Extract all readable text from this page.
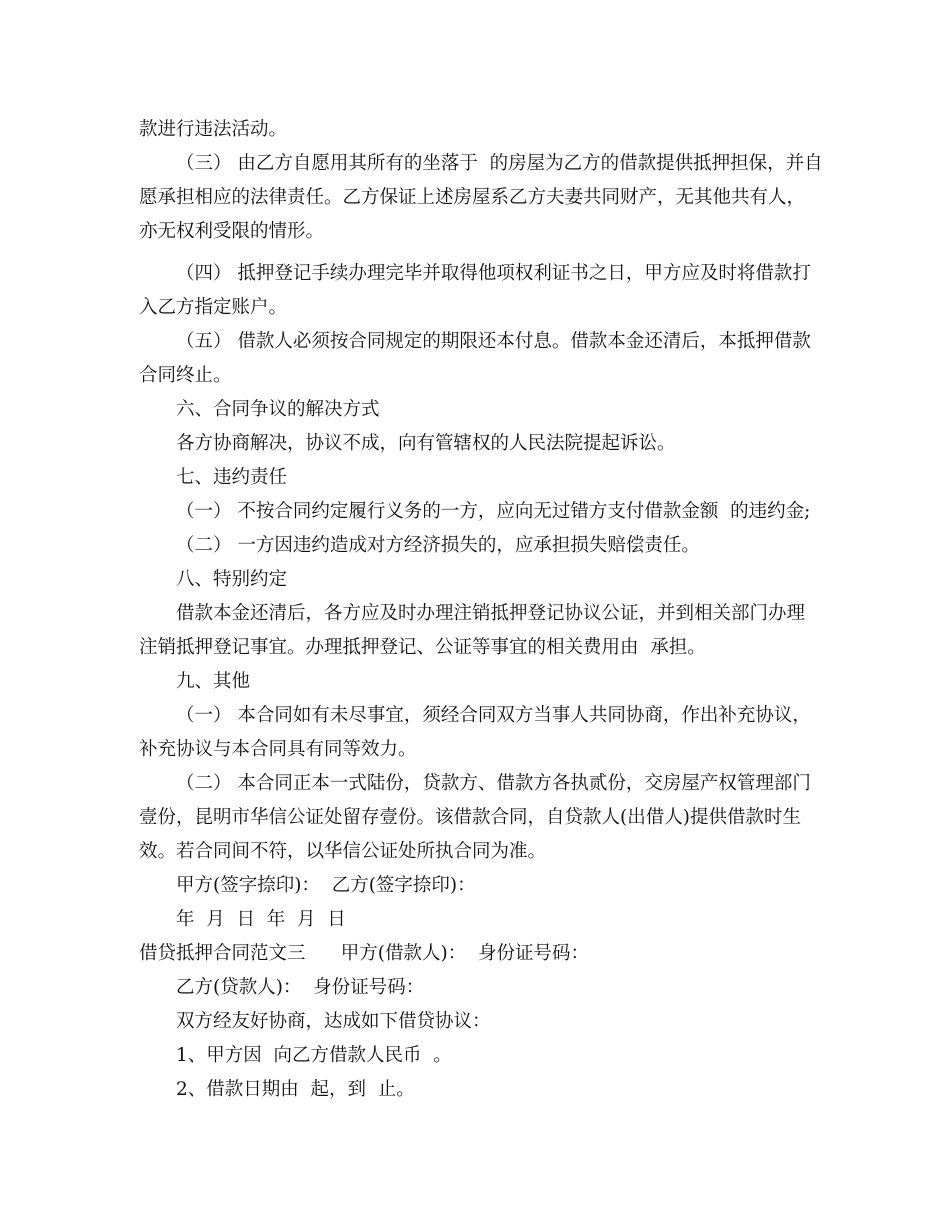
款进行违法活动。
（三） 由乙方自愿用其所有的坐落于  的房屋为乙方的借款提供抵押担保，并自
愿承担相应的法律责任。乙方保证上述房屋系乙方夫妻共同财产，无其他共有人，
亦无权利受限的情形。
（四） 抵押登记手续办理完毕并取得他项权利证书之日，甲方应及时将借款打
入乙方指定账户。
（五） 借款人必须按合同规定的期限还本付息。借款本金还清后，本抵押借款
合同终止。
六、合同争议的解决方式
各方协商解决，协议不成，向有管辖权的人民法院提起诉讼。
七、违约责任
（一） 不按合同约定履行义务的一方，应向无过错方支付借款金额  的违约金;
（二） 一方因违约造成对方经济损失的，应承担损失赔偿责任。
八、特别约定
借款本金还清后，各方应及时办理注销抵押登记协议公证，并到相关部门办理
注销抵押登记事宜。办理抵押登记、公证等事宜的相关费用由  承担。
九、其他
（一） 本合同如有未尽事宜，须经合同双方当事人共同协商，作出补充协议，
补充协议与本合同具有同等效力。
（二） 本合同正本一式陆份，贷款方、借款方各执贰份，交房屋产权管理部门
壹份，昆明市华信公证处留存壹份。该借款合同，自贷款人(出借人)提供借款时生
效。若合同间不符，以华信公证处所执合同为准。
甲方(签字捺印)：  乙方(签字捺印)：
年  月  日  年  月  日
借贷抵押合同范文三      甲方(借款人)：  身份证号码：
乙方(贷款人)：  身份证号码：
双方经友好协商，达成如下借贷协议：
1、甲方因  向乙方借款人民币  。
2、借款日期由  起，到  止。
